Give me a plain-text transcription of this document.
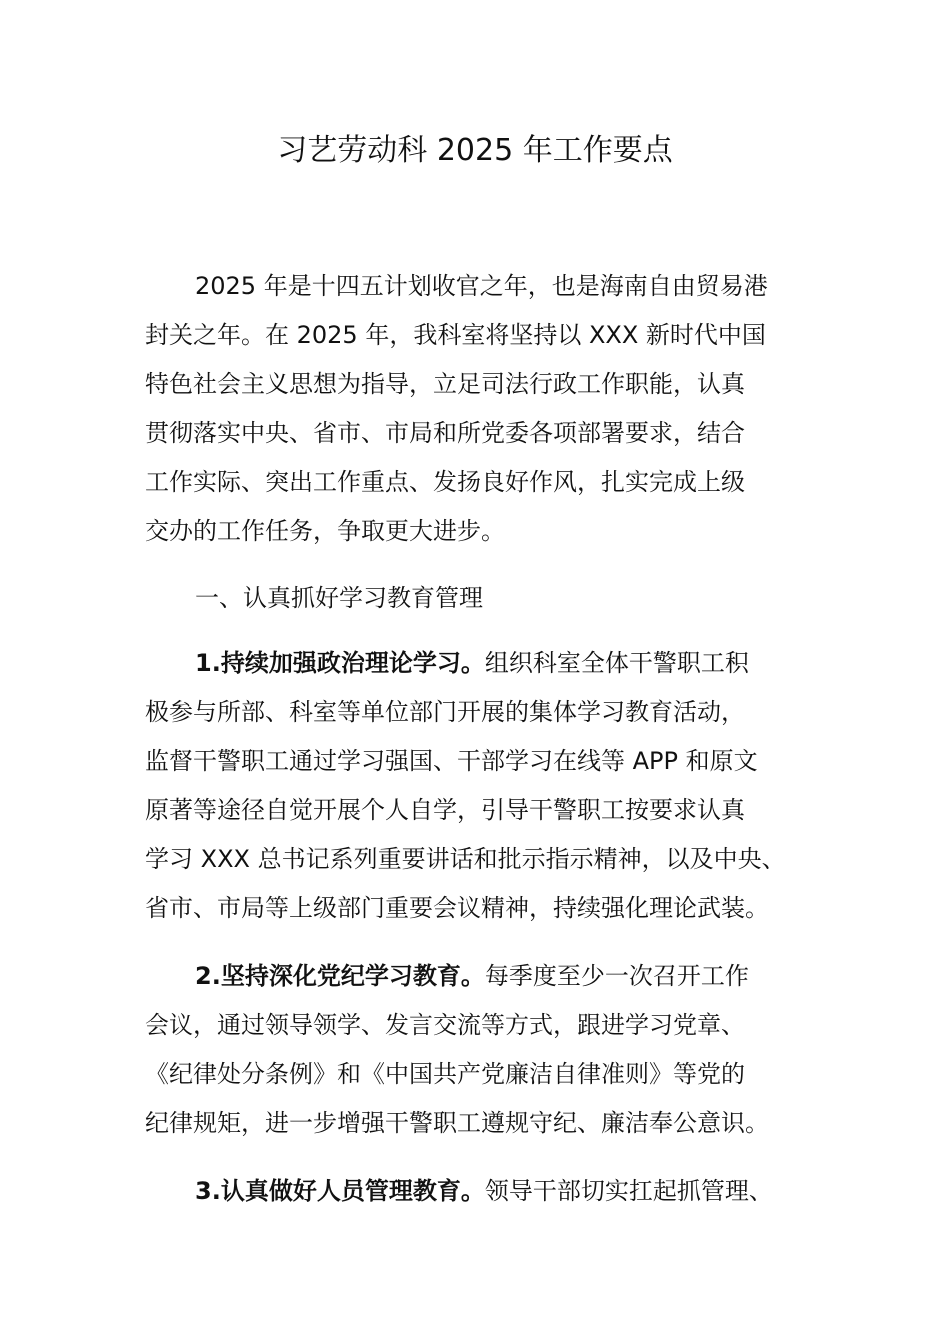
习艺劳动科 2025 年工作要点
2025 年是十四五计划收官之年，也是海南自由贸易港
封关之年。在 2025 年，我科室将坚持以 XXX 新时代中国
特色社会主义思想为指导，立足司法行政工作职能，认真
贯彻落实中央、省市、市局和所党委各项部署要求，结合
工作实际、突出工作重点、发扬良好作风，扎实完成上级
交办的工作任务，争取更大进步。
一、认真抓好学习教育管理
1.持续加强政治理论学习。组织科室全体干警职工积
极参与所部、科室等单位部门开展的集体学习教育活动，
监督干警职工通过学习强国、干部学习在线等 APP 和原文
原著等途径自觉开展个人自学，引导干警职工按要求认真
学习 XXX 总书记系列重要讲话和批示指示精神，以及中央、
省市、市局等上级部门重要会议精神，持续强化理论武装。
2.坚持深化党纪学习教育。每季度至少一次召开工作
会议，通过领导领学、发言交流等方式，跟进学习党章、
《纪律处分条例》和《中国共产党廉洁自律准则》等党的
纪律规矩，进一步增强干警职工遵规守纪、廉洁奉公意识。
3.认真做好人员管理教育。领导干部切实扛起抓管理、
